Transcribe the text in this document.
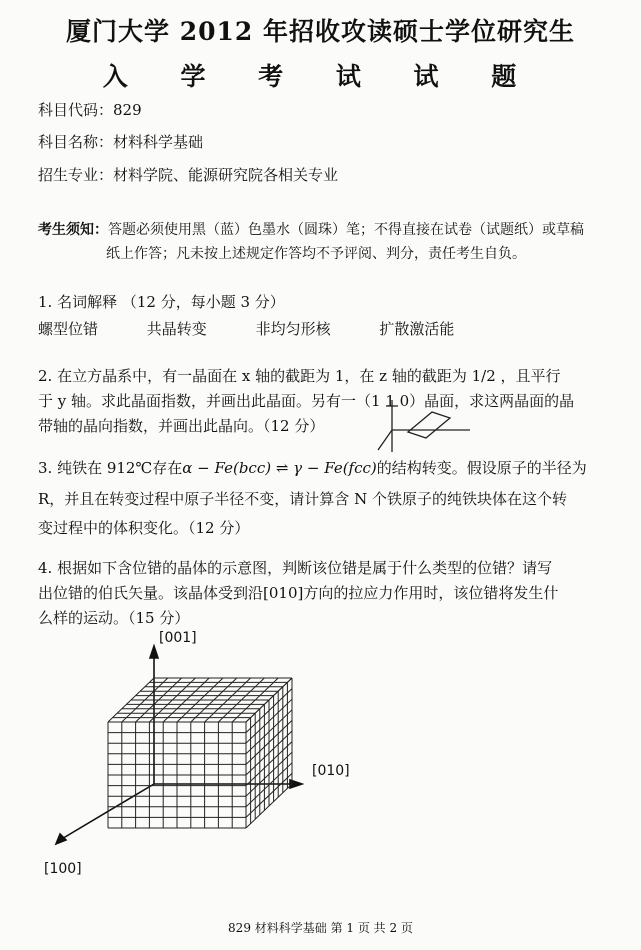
厦门大学 2012 年招收攻读硕士学位研究生
入 学 考 试 试 题
科目代码：829
科目名称：材料科学基础
招生专业：材料学院、能源研究院各相关专业
考生须知：答题必须使用黑（蓝）色墨水（圆珠）笔；不得直接在试卷（试题纸）或草稿
纸上作答；凡未按上述规定作答均不予评阅、判分，责任考生自负。
1. 名词解释 （12 分，每小题 3 分）
螺型位错	共晶转变	非均匀形核	扩散激活能
2. 在立方晶系中，有一晶面在 x 轴的截距为 1，在 z 轴的截距为 1/2 ，且平行
于 y 轴。求此晶面指数，并画出此晶面。另有一（1 1 0）晶面，求这两晶面的晶
带轴的晶向指数，并画出此晶向。（12 分）
3. 纯铁在 912℃存在α − Fe(bcc) ⇌ γ − Fe(fcc)的结构转变。假设原子的半径为
R，并且在转变过程中原子半径不变，请计算含 N 个铁原子的纯铁块体在这个转
变过程中的体积变化。（12 分）
4. 根据如下含位错的晶体的示意图，判断该位错是属于什么类型的位错？请写
出位错的伯氏矢量。该晶体受到沿[010]方向的拉应力作用时，该位错将发生什
么样的运动。（15 分）
[001]
[010]
[100]
829 材料科学基础 第 1 页 共 2 页
